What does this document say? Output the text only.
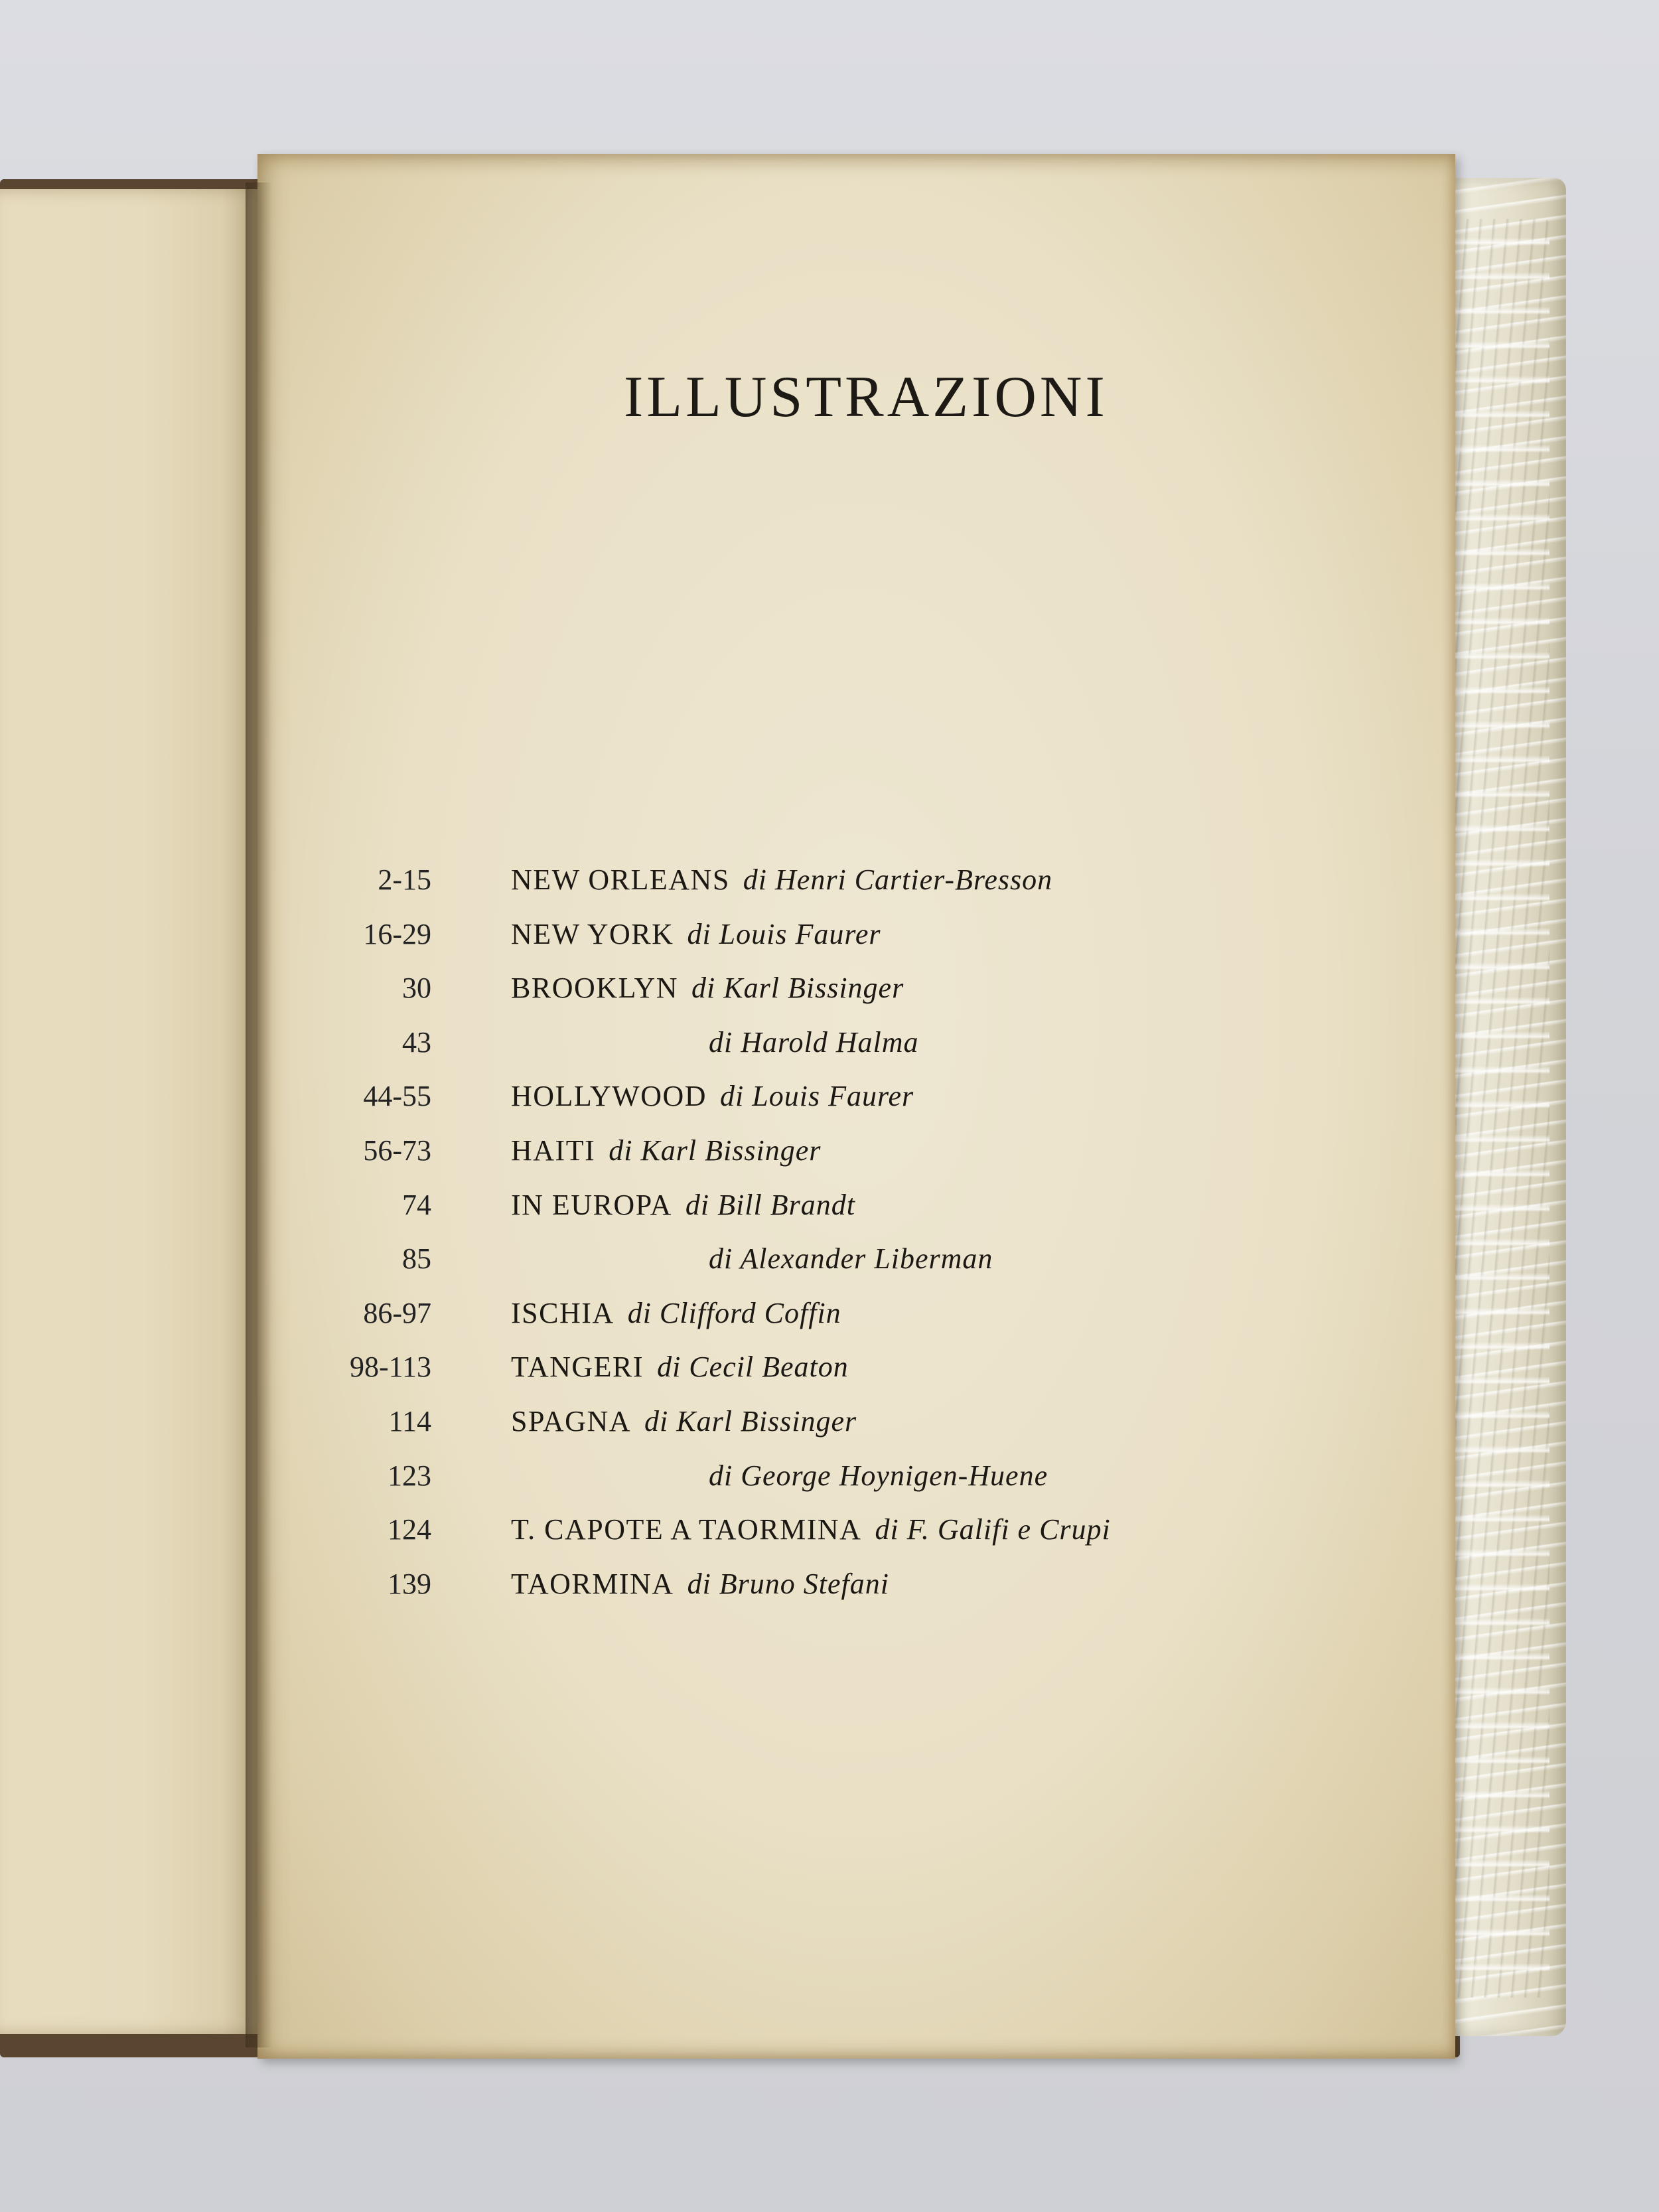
ILLUSTRAZIONI
2-15	NEW ORLEANS di Henri Cartier-Bresson
16-29	NEW YORK di Louis Faurer
30	BROOKLYN di Karl Bissinger
43	di Harold Halma
44-55	HOLLYWOOD di Louis Faurer
56-73	HAITI di Karl Bissinger
74	IN EUROPA di Bill Brandt
85	di Alexander Liberman
86-97	ISCHIA di Clifford Coffin
98-113	TANGERI di Cecil Beaton
114	SPAGNA di Karl Bissinger
123	di George Hoynigen-Huene
124	T. CAPOTE A TAORMINA di F. Galifi e Crupi
139	TAORMINA di Bruno Stefani
